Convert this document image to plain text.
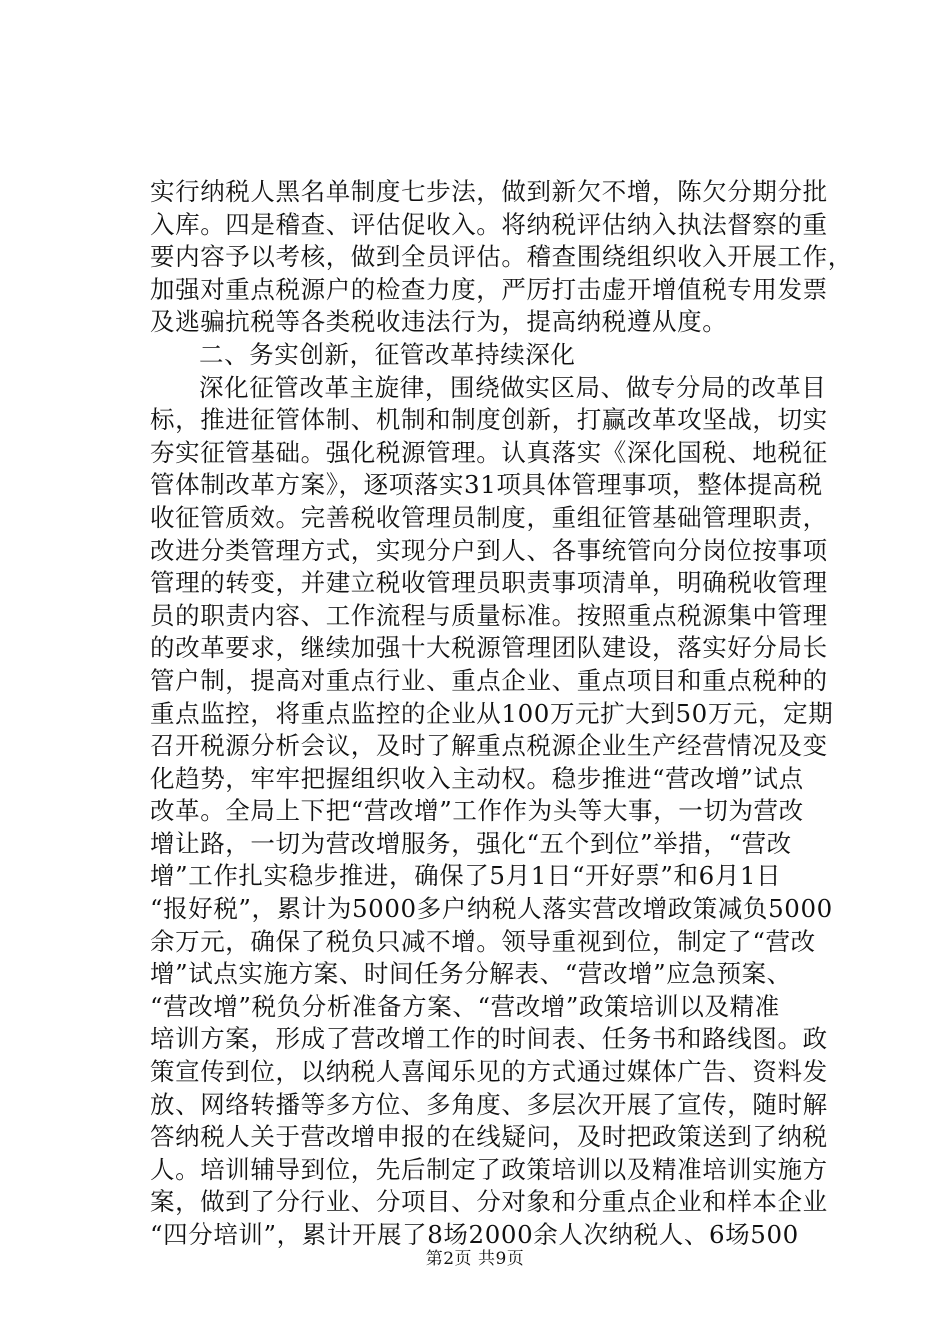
实行纳税人黑名单制度七步法，做到新欠不增，陈欠分期分批
入库。四是稽查、评估促收入。将纳税评估纳入执法督察的重
要内容予以考核，做到全员评估。稽查围绕组织收入开展工作，
加强对重点税源户的检查力度，严厉打击虚开增值税专用发票
及逃骗抗税等各类税收违法行为，提高纳税遵从度。
二、务实创新，征管改革持续深化
深化征管改革主旋律，围绕做实区局、做专分局的改革目
标，推进征管体制、机制和制度创新，打赢改革攻坚战，切实
夯实征管基础。强化税源管理。认真落实《深化国税、地税征
管体制改革方案》，逐项落实31项具体管理事项，整体提高税
收征管质效。完善税收管理员制度，重组征管基础管理职责，
改进分类管理方式，实现分户到人、各事统管向分岗位按事项
管理的转变，并建立税收管理员职责事项清单，明确税收管理
员的职责内容、工作流程与质量标准。按照重点税源集中管理
的改革要求，继续加强十大税源管理团队建设，落实好分局长
管户制，提高对重点行业、重点企业、重点项目和重点税种的
重点监控，将重点监控的企业从100万元扩大到50万元，定期
召开税源分析会议，及时了解重点税源企业生产经营情况及变
化趋势，牢牢把握组织收入主动权。稳步推进“营改增”试点
改革。全局上下把“营改增”工作作为头等大事，一切为营改
增让路，一切为营改增服务，强化“五个到位”举措，“营改
增”工作扎实稳步推进，确保了5月1日“开好票”和6月1日
“报好税”，累计为5000多户纳税人落实营改增政策减负5000
余万元，确保了税负只减不增。领导重视到位，制定了“营改
增”试点实施方案、时间任务分解表、“营改增”应急预案、
“营改增”税负分析准备方案、“营改增”政策培训以及精准
培训方案，形成了营改增工作的时间表、任务书和路线图。政
策宣传到位，以纳税人喜闻乐见的方式通过媒体广告、资料发
放、网络转播等多方位、多角度、多层次开展了宣传，随时解
答纳税人关于营改增申报的在线疑问，及时把政策送到了纳税
人。培训辅导到位，先后制定了政策培训以及精准培训实施方
案，做到了分行业、分项目、分对象和分重点企业和样本企业
“四分培训”，累计开展了8场2000余人次纳税人、6场500
第2页 共9页
